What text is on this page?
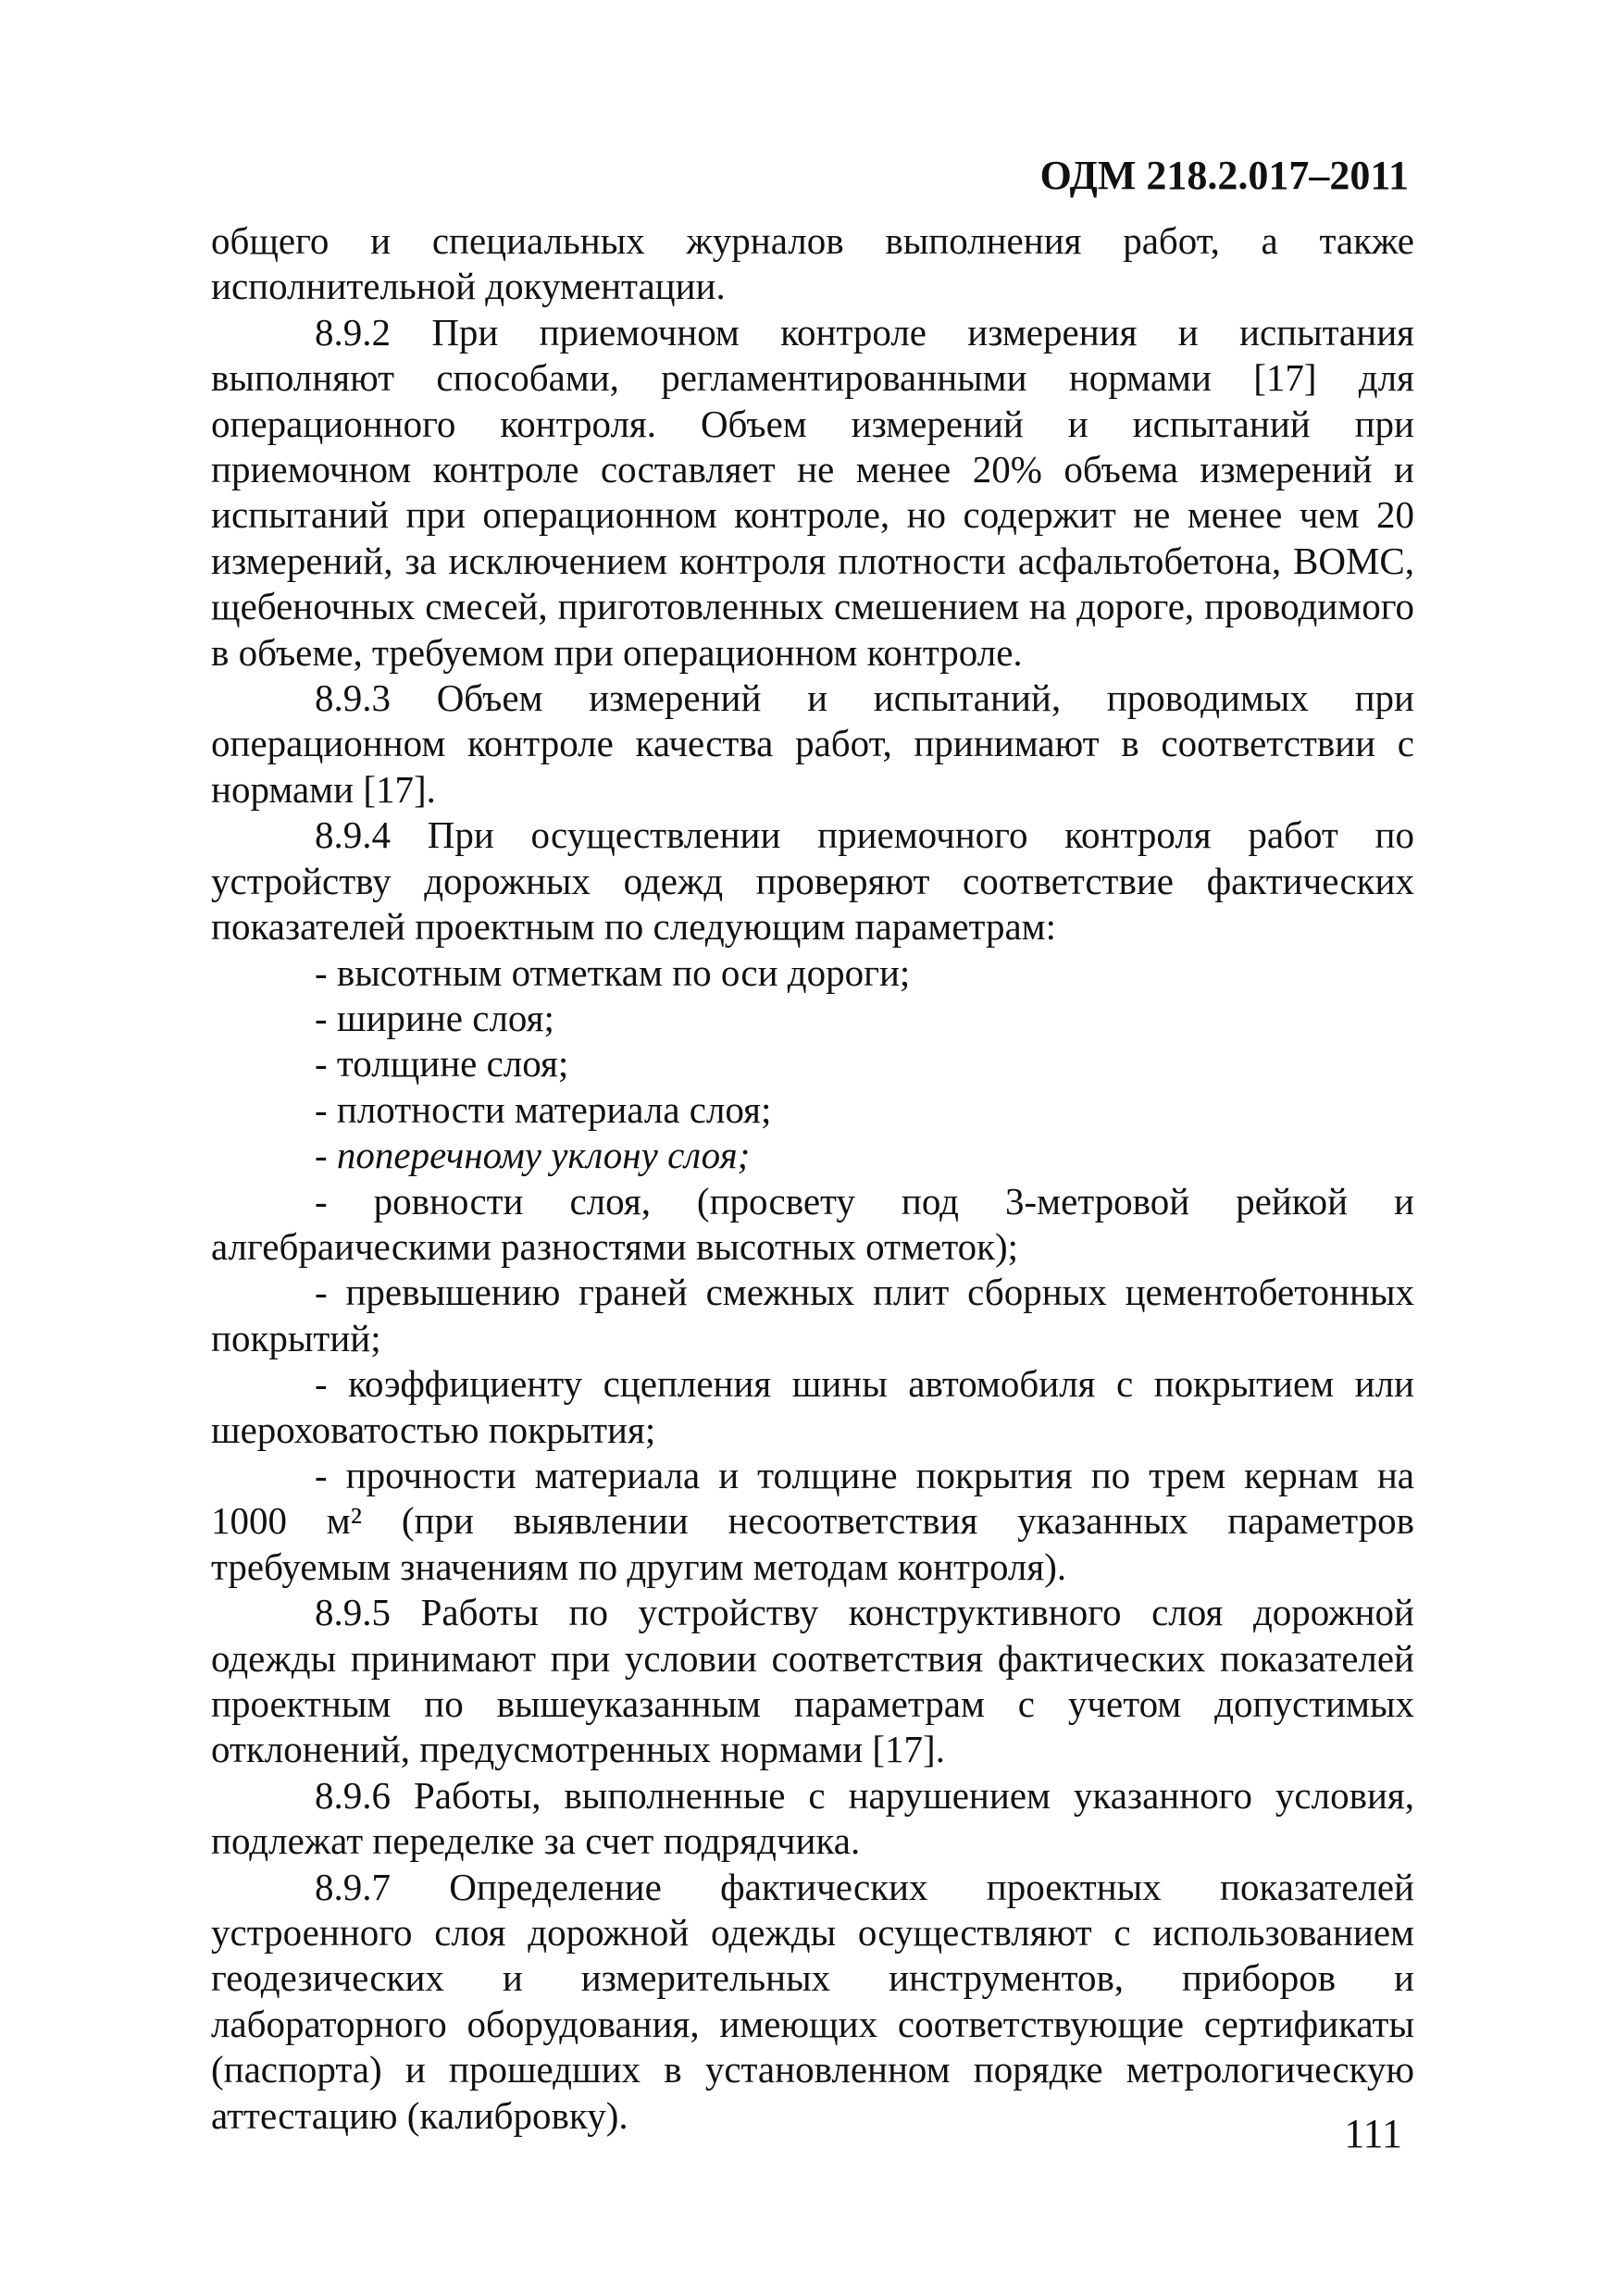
ОДМ 218.2.017–2011

общего и специальных журналов выполнения работ, а также исполнительной документации.

8.9.2 При приемочном контроле измерения и испытания выполняют способами, регламентированными нормами [17] для операционного контроля. Объем измерений и испытаний при приемочном контроле составляет не менее 20% объема измерений и испытаний при операционном контроле, но содержит не менее чем 20 измерений, за исключением контроля плотности асфальтобетона, ВОМС, щебеночных смесей, приготовленных смешением на дороге, проводимого в объеме, требуемом при операционном контроле.

8.9.3 Объем измерений и испытаний, проводимых при операционном контроле качества работ, принимают в соответствии с нормами [17].

8.9.4 При осуществлении приемочного контроля работ по устройству дорожных одежд проверяют соответствие фактических показателей проектным по следующим параметрам:

- высотным отметкам по оси дороги;
- ширине слоя;
- толщине слоя;
- плотности материала слоя;
- поперечному уклону слоя;
- ровности слоя, (просвету под 3-метровой рейкой и алгебраическими разностями высотных отметок);
- превышению граней смежных плит сборных цементобетонных покрытий;
- коэффициенту сцепления шины автомобиля с покрытием или шероховатостью покрытия;
- прочности материала и толщине покрытия по трем кернам на 1000 м² (при выявлении несоответствия указанных параметров требуемым значениям по другим методам контроля).

8.9.5 Работы по устройству конструктивного слоя дорожной одежды принимают при условии соответствия фактических показателей проектным по вышеуказанным параметрам с учетом допустимых отклонений, предусмотренных нормами [17].

8.9.6 Работы, выполненные с нарушением указанного условия, подлежат переделке за счет подрядчика.

8.9.7 Определение фактических проектных показателей устроенного слоя дорожной одежды осуществляют с использованием геодезических и измерительных инструментов, приборов и лабораторного оборудования, имеющих соответствующие сертификаты (паспорта) и прошедших в установленном порядке метрологическую аттестацию (калибровку).	111
